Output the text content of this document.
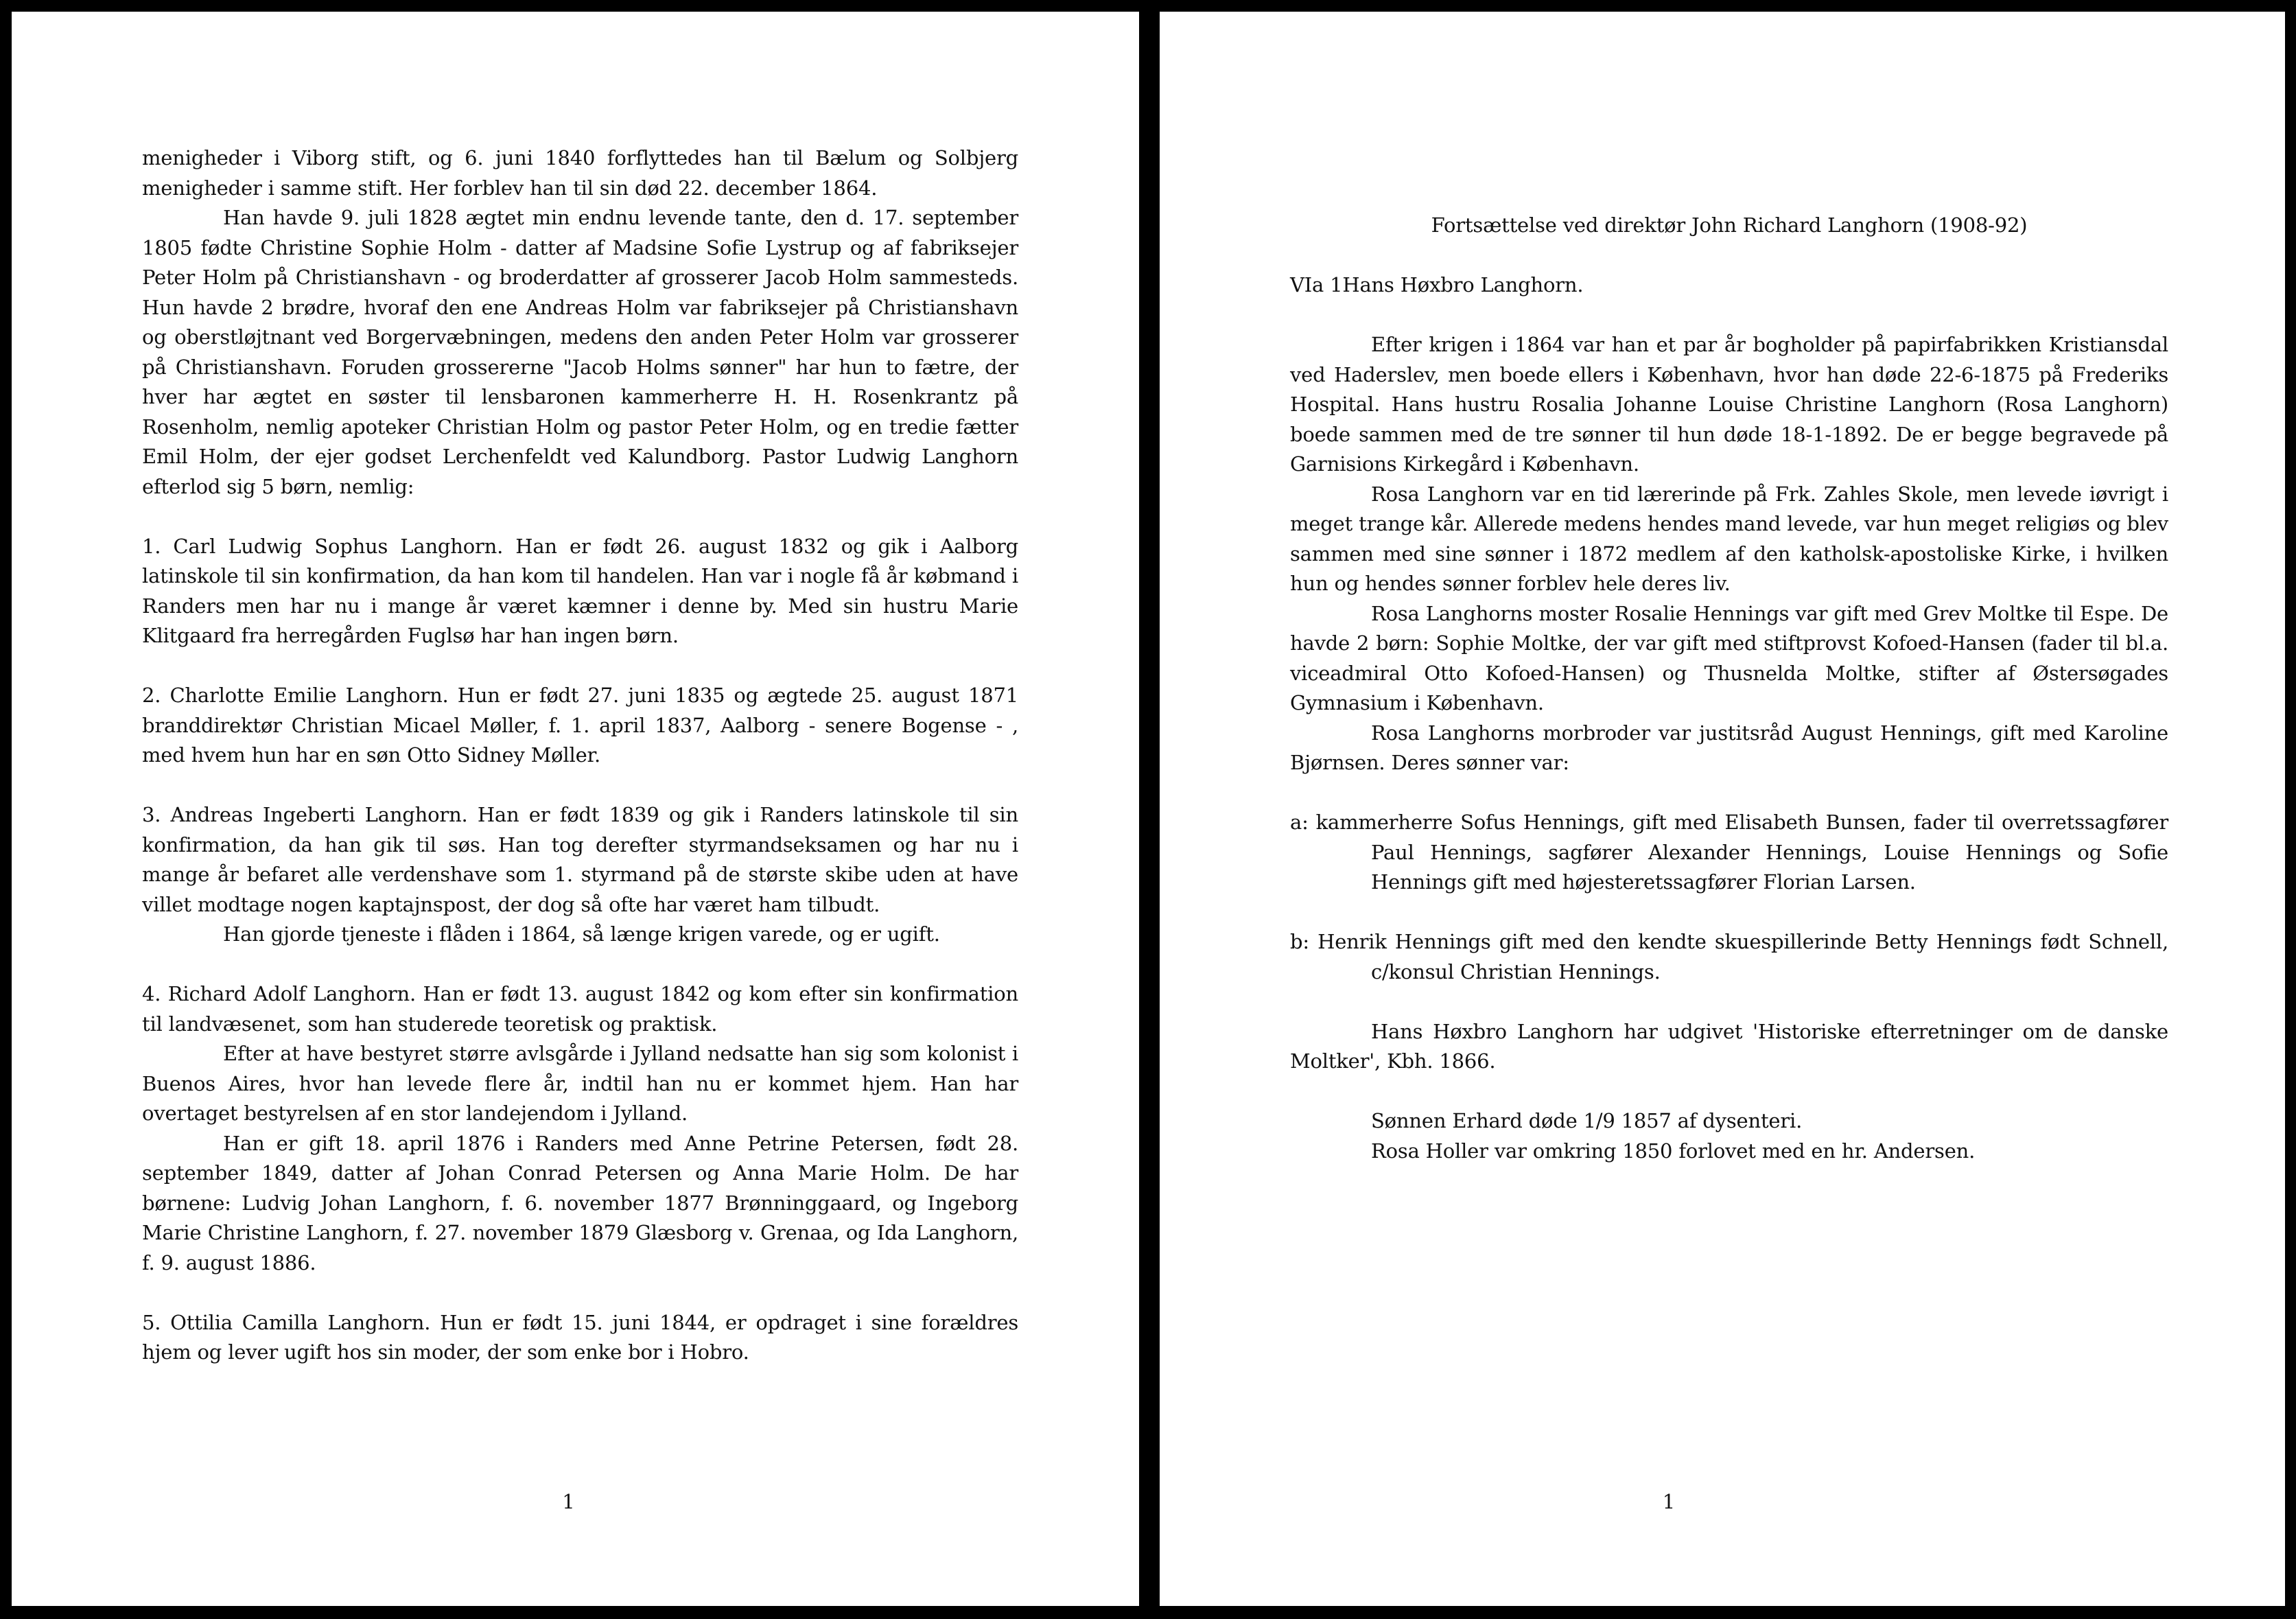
menigheder i Viborg stift, og 6. juni 1840 forflyttedes han til Bælum og Solbjerg menigheder i samme stift. Her forblev han til sin død 22. december 1864.

Han havde 9. juli 1828 ægtet min endnu levende tante, den d. 17. september 1805 fødte Christine Sophie Holm - datter af Madsine Sofie Lystrup og af fabriksejer Peter Holm på Christianshavn - og broderdatter af grosserer Jacob Holm sammesteds. Hun havde 2 brødre, hvoraf den ene Andreas Holm var fabriksejer på Christianshavn og oberstløjtnant ved Borgervæbningen, medens den anden Peter Holm var grosserer på Christianshavn. Foruden grossererne "Jacob Holms sønner" har hun to fætre, der hver har ægtet en søster til lensbaronen kammerherre H. H. Rosenkrantz på Rosenholm, nemlig apoteker Christian Holm og pastor Peter Holm, og en tredie fætter Emil Holm, der ejer godset Lerchenfeldt ved Kalundborg. Pastor Ludwig Langhorn efterlod sig 5 børn, nemlig:

1. Carl Ludwig Sophus Langhorn. Han er født 26. august 1832 og gik i Aalborg latinskole til sin konfirmation, da han kom til handelen. Han var i nogle få år købmand i Randers men har nu i mange år været kæmner i denne by. Med sin hustru Marie Klitgaard fra herregården Fuglsø har han ingen børn.

2. Charlotte Emilie Langhorn. Hun er født 27. juni 1835 og ægtede 25. august 1871 branddirektør Christian Micael Møller, f. 1. april 1837, Aalborg - senere Bogense - , med hvem hun har en søn Otto Sidney Møller.

3. Andreas Ingeberti Langhorn. Han er født 1839 og gik i Randers latinskole til sin konfirmation, da han gik til søs. Han tog derefter styrmandseksamen og har nu i mange år befaret alle verdenshave som 1. styrmand på de største skibe uden at have villet modtage nogen kaptajnspost, der dog så ofte har været ham tilbudt.

Han gjorde tjeneste i flåden i 1864, så længe krigen varede, og er ugift.

4. Richard Adolf Langhorn. Han er født 13. august 1842 og kom efter sin konfirmation til landvæsenet, som han studerede teoretisk og praktisk.

Efter at have bestyret større avlsgårde i Jylland nedsatte han sig som kolonist i Buenos Aires, hvor han levede flere år, indtil han nu er kommet hjem. Han har overtaget bestyrelsen af en stor landejendom i Jylland.

Han er gift 18. april 1876 i Randers med Anne Petrine Petersen, født 28. september 1849, datter af Johan Conrad Petersen og Anna Marie Holm. De har børnene: Ludvig Johan Langhorn, f. 6. november 1877 Brønninggaard, og Ingeborg Marie Christine Langhorn, f. 27. november 1879 Glæsborg v. Grenaa, og Ida Langhorn, f. 9. august 1886.

5. Ottilia Camilla Langhorn. Hun er født 15. juni 1844, er opdraget i sine forældres hjem og lever ugift hos sin moder, der som enke bor i Hobro.

1

Fortsættelse ved direktør John Richard Langhorn (1908-92)

VIa 1Hans Høxbro Langhorn.

Efter krigen i 1864 var han et par år bogholder på papirfabrikken Kristiansdal ved Haderslev, men boede ellers i København, hvor han døde 22-6-1875 på Frederiks Hospital. Hans hustru Rosalia Johanne Louise Christine Langhorn (Rosa Langhorn) boede sammen med de tre sønner til hun døde 18-1-1892. De er begge begravede på Garnisions Kirkegård i København.

Rosa Langhorn var en tid lærerinde på Frk. Zahles Skole, men levede iøvrigt i meget trange kår. Allerede medens hendes mand levede, var hun meget religiøs og blev sammen med sine sønner i 1872 medlem af den katholsk-apostoliske Kirke, i hvilken hun og hendes sønner forblev hele deres liv.

Rosa Langhorns moster Rosalie Hennings var gift med Grev Moltke til Espe. De havde 2 børn: Sophie Moltke, der var gift med stiftprovst Kofoed-Hansen (fader til bl.a. viceadmiral Otto Kofoed-Hansen) og Thusnelda Moltke, stifter af Østersøgades Gymnasium i København.

Rosa Langhorns morbroder var justitsråd August Hennings, gift med Karoline Bjørnsen. Deres sønner var:

a: kammerherre Sofus Hennings, gift med Elisabeth Bunsen, fader til overretssagfører Paul Hennings, sagfører Alexander Hennings, Louise Hennings og Sofie Hennings gift med højesteretssagfører Florian Larsen.

b: Henrik Hennings gift med den kendte skuespillerinde Betty Hennings født Schnell, c/konsul Christian Hennings.

Hans Høxbro Langhorn har udgivet 'Historiske efterretninger om de danske Moltker', Kbh. 1866.

Sønnen Erhard døde 1/9 1857 af dysenteri.

Rosa Holler var omkring 1850 forlovet med en hr. Andersen.

1
